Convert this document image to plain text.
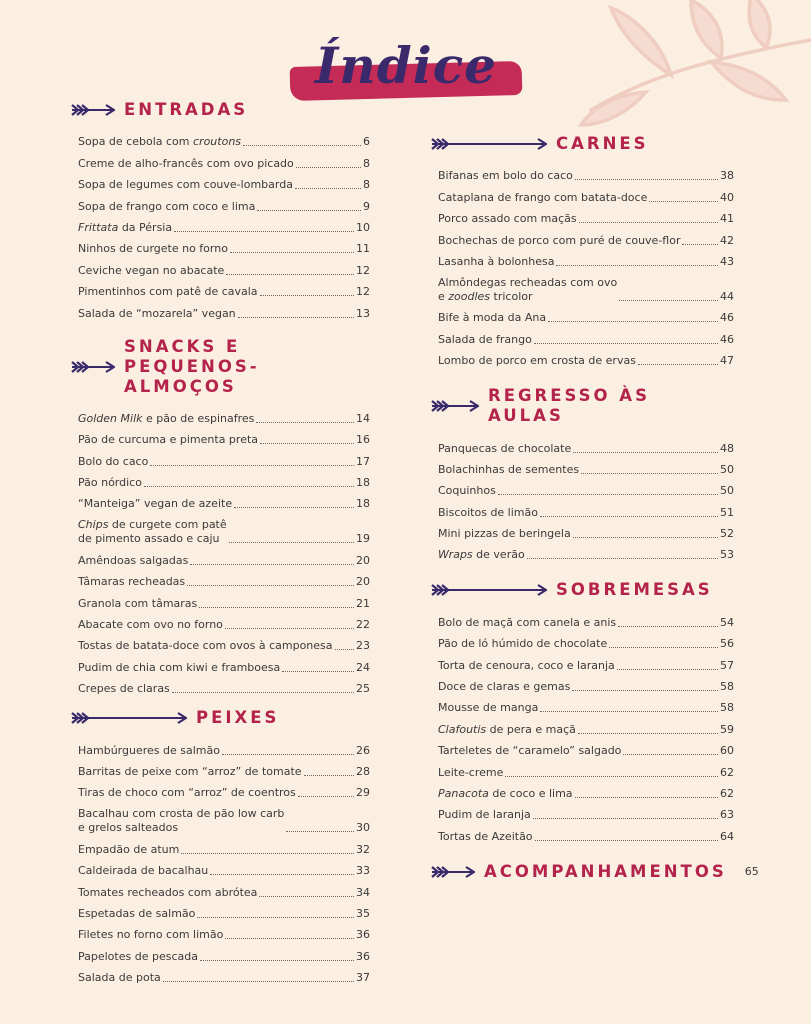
Índice
ENTRADAS
Sopa de cebola com croutons	6
Creme de alho-francês com ovo picado	8
Sopa de legumes com couve-lombarda	8
Sopa de frango com coco e lima	9
Frittata da Pérsia	10
Ninhos de curgete no forno	11
Ceviche vegan no abacate	12
Pimentinhos com patê de cavala	12
Salada de “mozarela” vegan	13
SNACKS E
PEQUENOS-ALMOÇOS
Golden Milk e pão de espinafres	14
Pão de curcuma e pimenta preta	16
Bolo do caco	17
Pão nórdico	18
“Manteiga” vegan de azeite	18
Chips de curgete com patê
de pimento assado e caju	19
Amêndoas salgadas	20
Tâmaras recheadas	20
Granola com tâmaras	21
Abacate com ovo no forno	22
Tostas de batata-doce com ovos à camponesa 23
Pudim de chia com kiwi e framboesa	24
Crepes de claras	25
PEIXES
Hambúrgueres de salmão	26
Barritas de peixe com “arroz” de tomate	28
Tiras de choco com “arroz” de coentros	29
Bacalhau com crosta de pão low carb
e grelos salteados	30
Empadão de atum	32
Caldeirada de bacalhau	33
Tomates recheados com abrótea	34
Espetadas de salmão	35
Filetes no forno com limão	36
Papelotes de pescada	36
Salada de pota	37
CARNES
Bifanas em bolo do caco	38
Cataplana de frango com batata-doce	40
Porco assado com maçãs	41
Bochechas de porco com puré de couve-flor	42
Lasanha à bolonhesa	43
Almôndegas recheadas com ovo
e zoodles tricolor	44
Bife à moda da Ana	46
Salada de frango	46
Lombo de porco em crosta de ervas	47
REGRESSO ÀS AULAS
Panquecas de chocolate	48
Bolachinhas de sementes	50
Coquinhos	50
Biscoitos de limão	51
Mini pizzas de beringela	52
Wraps de verão	53
SOBREMESAS
Bolo de maçã com canela e anis	54
Pão de ló húmido de chocolate	56
Torta de cenoura, coco e laranja	57
Doce de claras e gemas	58
Mousse de manga	58
Clafoutis de pera e maçã	59
Tarteletes de “caramelo” salgado	60
Leite-creme	62
Panacota de coco e lima	62
Pudim de laranja	63
Tortas de Azeitão	64
ACOMPANHAMENTOS 65
